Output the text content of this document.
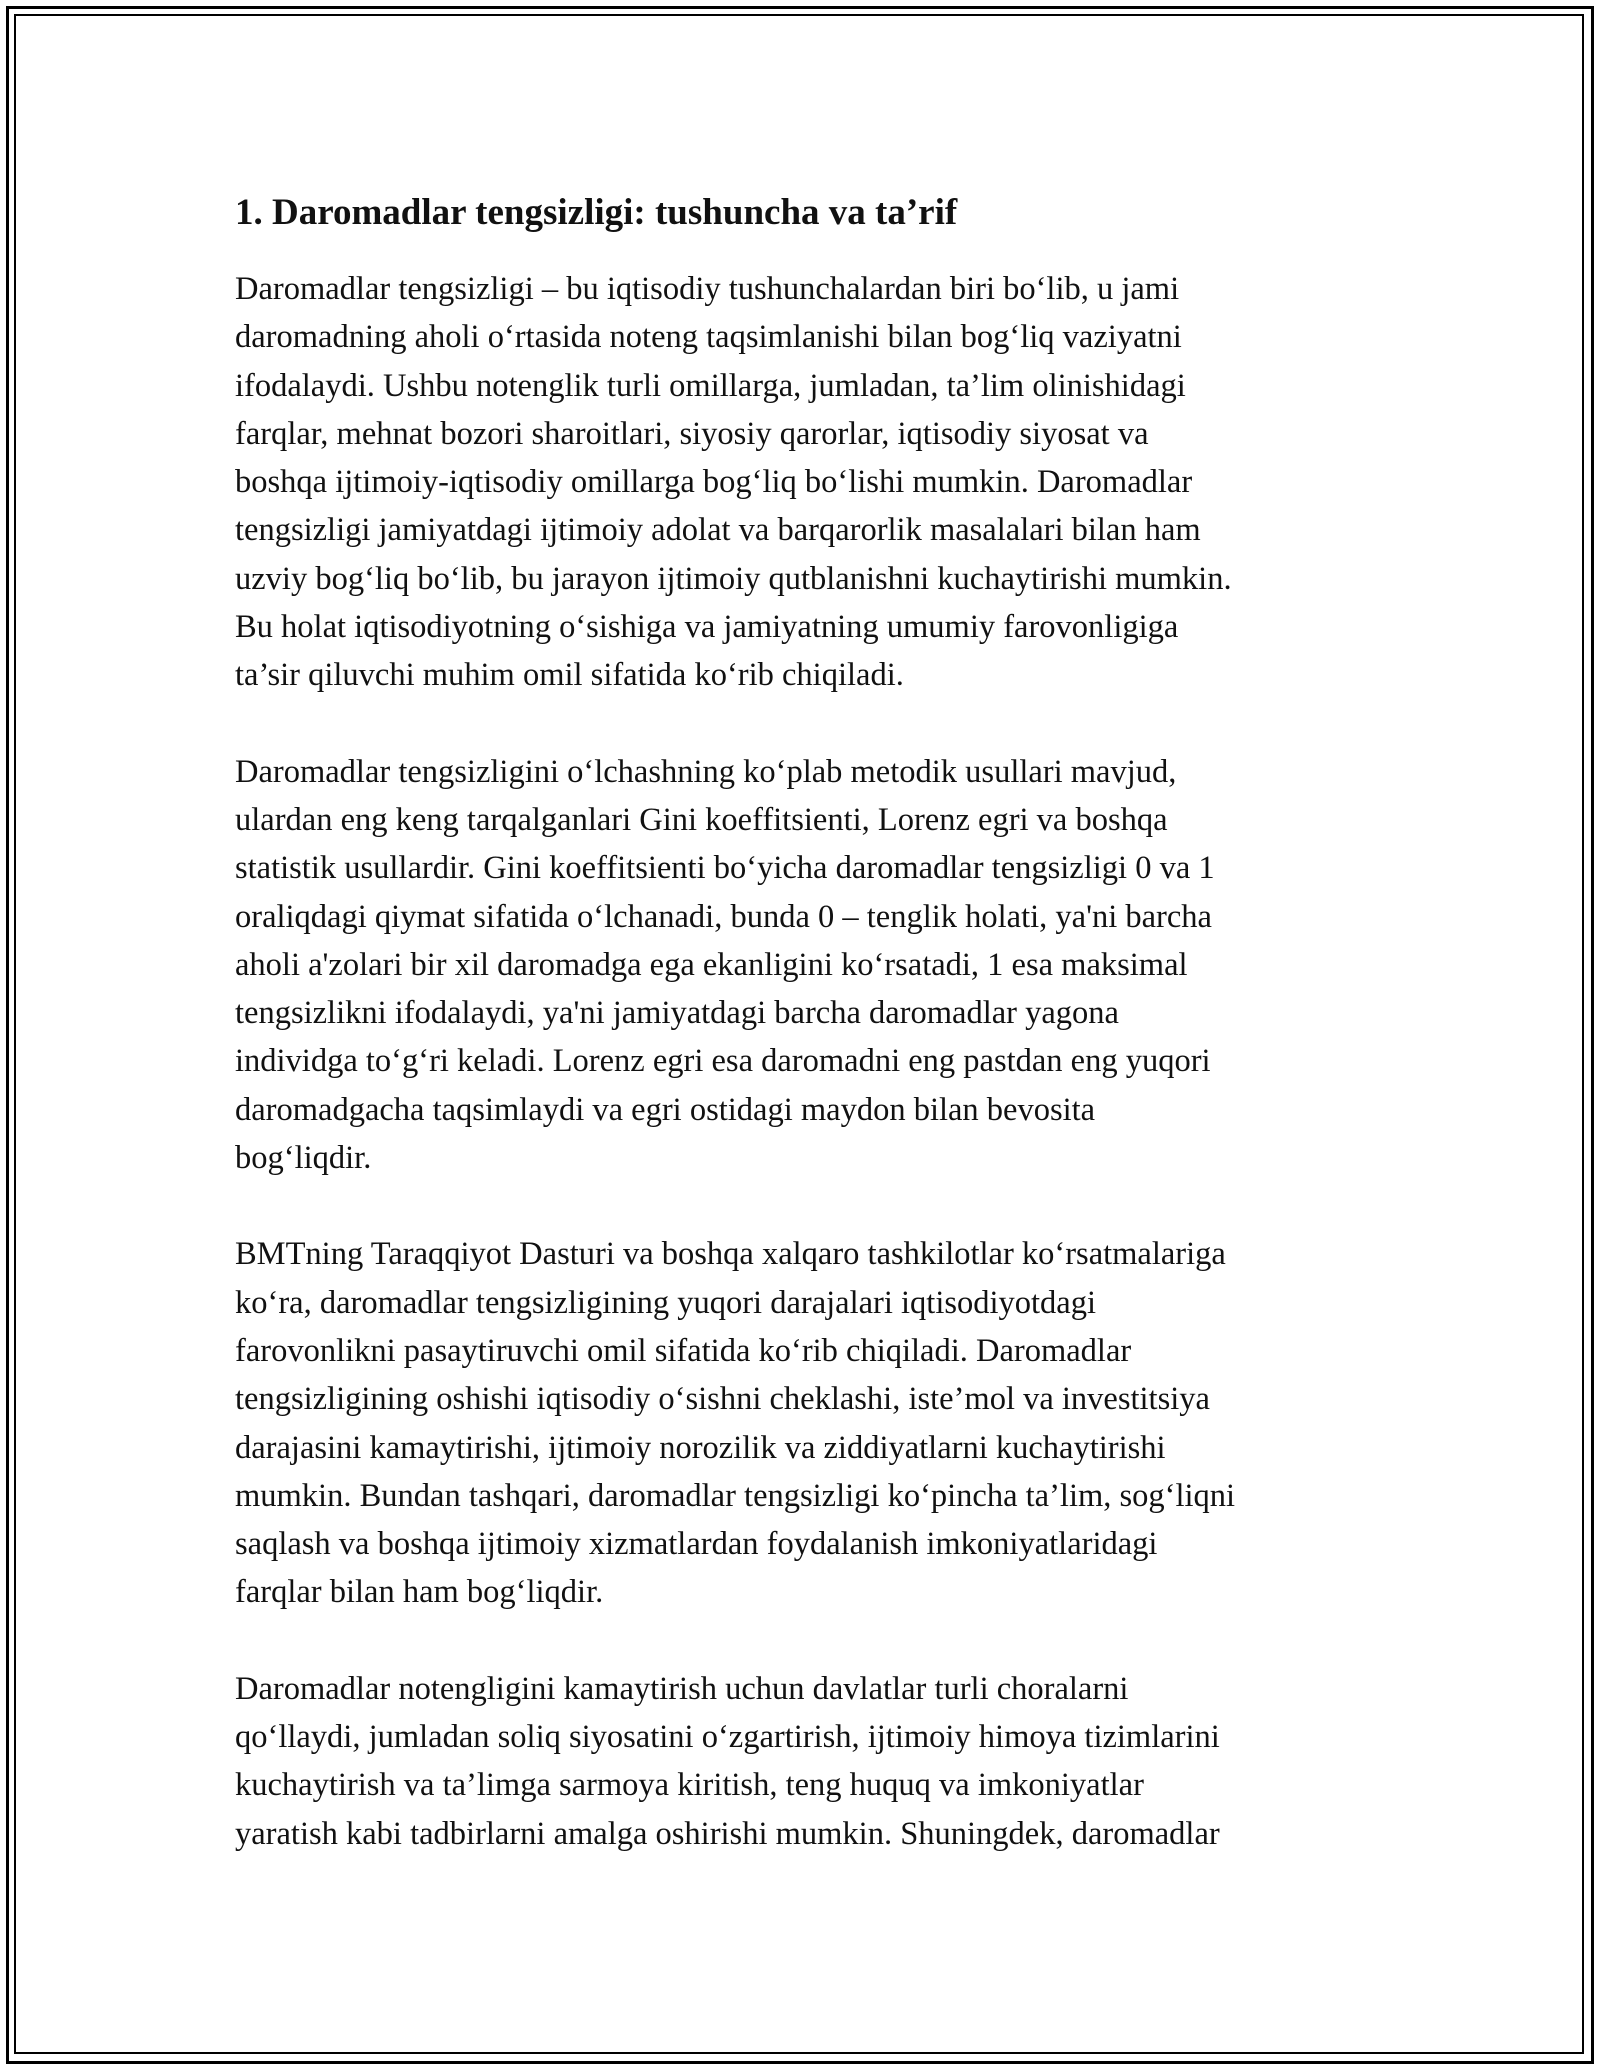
1. Daromadlar tengsizligi: tushuncha va ta’rif

Daromadlar tengsizligi – bu iqtisodiy tushunchalardan biri bo‘lib, u jami
daromadning aholi o‘rtasida noteng taqsimlanishi bilan bog‘liq vaziyatni
ifodalaydi. Ushbu notenglik turli omillarga, jumladan, ta’lim olinishidagi
farqlar, mehnat bozori sharoitlari, siyosiy qarorlar, iqtisodiy siyosat va
boshqa ijtimoiy-iqtisodiy omillarga bog‘liq bo‘lishi mumkin. Daromadlar
tengsizligi jamiyatdagi ijtimoiy adolat va barqarorlik masalalari bilan ham
uzviy bog‘liq bo‘lib, bu jarayon ijtimoiy qutblanishni kuchaytirishi mumkin.
Bu holat iqtisodiyotning o‘sishiga va jamiyatning umumiy farovonligiga
ta’sir qiluvchi muhim omil sifatida ko‘rib chiqiladi.

Daromadlar tengsizligini o‘lchashning ko‘plab metodik usullari mavjud,
ulardan eng keng tarqalganlari Gini koeffitsienti, Lorenz egri va boshqa
statistik usullardir. Gini koeffitsienti bo‘yicha daromadlar tengsizligi 0 va 1
oraliqdagi qiymat sifatida o‘lchanadi, bunda 0 – tenglik holati, ya'ni barcha
aholi a'zolari bir xil daromadga ega ekanligini ko‘rsatadi, 1 esa maksimal
tengsizlikni ifodalaydi, ya'ni jamiyatdagi barcha daromadlar yagona
individga to‘g‘ri keladi. Lorenz egri esa daromadni eng pastdan eng yuqori
daromadgacha taqsimlaydi va egri ostidagi maydon bilan bevosita
bog‘liqdir.

BMTning Taraqqiyot Dasturi va boshqa xalqaro tashkilotlar ko‘rsatmalariga
ko‘ra, daromadlar tengsizligining yuqori darajalari iqtisodiyotdagi
farovonlikni pasaytiruvchi omil sifatida ko‘rib chiqiladi. Daromadlar
tengsizligining oshishi iqtisodiy o‘sishni cheklashi, iste’mol va investitsiya
darajasini kamaytirishi, ijtimoiy norozilik va ziddiyatlarni kuchaytirishi
mumkin. Bundan tashqari, daromadlar tengsizligi ko‘pincha ta’lim, sog‘liqni
saqlash va boshqa ijtimoiy xizmatlardan foydalanish imkoniyatlaridagi
farqlar bilan ham bog‘liqdir.

Daromadlar notengligini kamaytirish uchun davlatlar turli choralarni
qo‘llaydi, jumladan soliq siyosatini o‘zgartirish, ijtimoiy himoya tizimlarini
kuchaytirish va ta’limga sarmoya kiritish, teng huquq va imkoniyatlar
yaratish kabi tadbirlarni amalga oshirishi mumkin. Shuningdek, daromadlar
